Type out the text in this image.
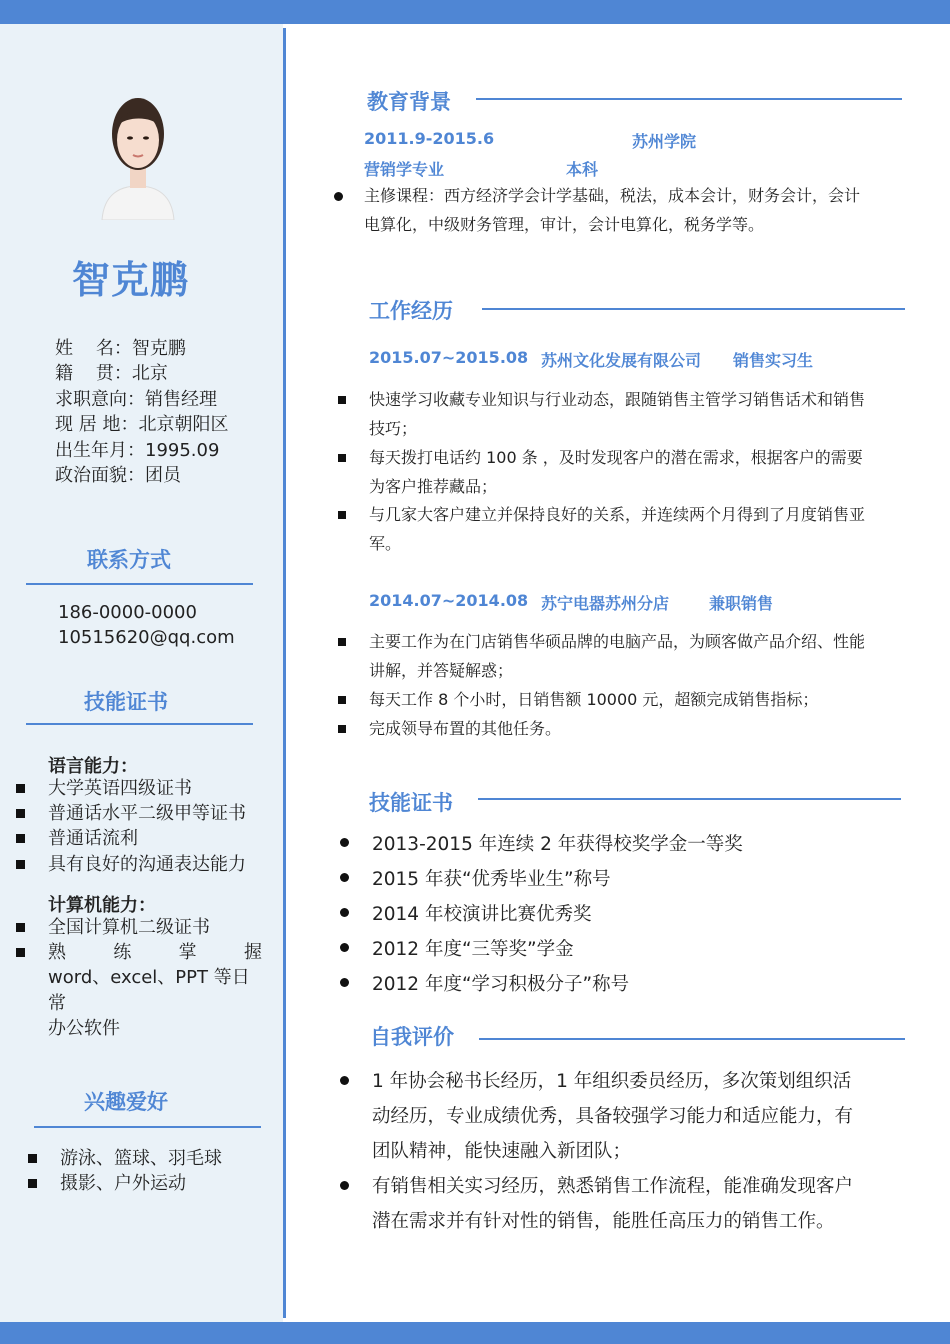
智克鹏
姓    名：智克鹏
籍    贯：北京
求职意向：销售经理
现 居 地：北京朝阳区
出生年月：1995.09
政治面貌：团员
联系方式
186-0000-0000
10515620@qq.com
技能证书
语言能力：
大学英语四级证书
普通话水平二级甲等证书
普通话流利
具有良好的沟通表达能力
计算机能力：
全国计算机二级证书
熟	练	掌	握
word、excel、PPT 等日常
办公软件
兴趣爱好
游泳、篮球、羽毛球
摄影、户外运动
教育背景
2011.9-2015.6	苏州学院
营销学专业	本科
主修课程：西方经济学会计学基础，税法，成本会计，财务会计，会计
电算化，中级财务管理，审计，会计电算化，税务学等。
工作经历
2015.07~2015.08 苏州文化发展有限公司 销售实习生
快速学习收藏专业知识与行业动态，跟随销售主管学习销售话术和销售
技巧；
每天拨打电话约 100 条 ，及时发现客户的潜在需求，根据客户的需要
为客户推荐藏品；
与几家大客户建立并保持良好的关系，并连续两个月得到了月度销售亚
军。
2014.07~2014.08 苏宁电器苏州分店 兼职销售
主要工作为在门店销售华硕品牌的电脑产品，为顾客做产品介绍、性能
讲解，并答疑解惑；
每天工作 8 个小时，日销售额 10000 元，超额完成销售指标；
完成领导布置的其他任务。
技能证书
2013-2015 年连续 2 年获得校奖学金一等奖
2015 年获“优秀毕业生”称号
2014 年校演讲比赛优秀奖
2012 年度“三等奖”学金
2012 年度“学习积极分子”称号
自我评价
1 年协会秘书长经历，1 年组织委员经历，多次策划组织活
动经历，专业成绩优秀，具备较强学习能力和适应能力，有
团队精神，能快速融入新团队；
有销售相关实习经历，熟悉销售工作流程，能准确发现客户
潜在需求并有针对性的销售，能胜任高压力的销售工作。
